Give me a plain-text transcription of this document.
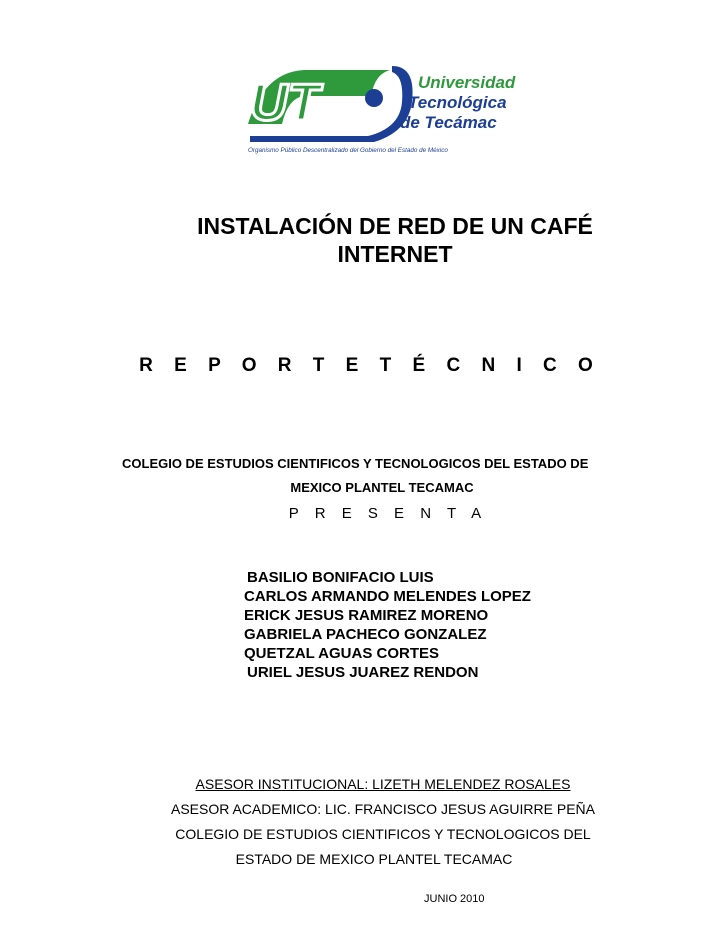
UT	Universidad
Tecnológica
de Tecámac
Organismo Público Descentralizado del Gobierno del Estado de México
INSTALACIÓN DE RED DE UN CAFÉ
INTERNET
R E P O R T E T É C N I C O
COLEGIO DE ESTUDIOS CIENTIFICOS Y TECNOLOGICOS DEL ESTADO DE
MEXICO PLANTEL TECAMAC
P R E S E N T A
BASILIO BONIFACIO LUIS
CARLOS ARMANDO MELENDES LOPEZ
ERICK JESUS RAMIREZ MORENO
GABRIELA PACHECO GONZALEZ
QUETZAL AGUAS CORTES
URIEL JESUS JUAREZ RENDON
ASESOR INSTITUCIONAL: LIZETH MELENDEZ ROSALES
ASESOR ACADEMICO: LIC. FRANCISCO JESUS AGUIRRE PEÑA
COLEGIO DE ESTUDIOS CIENTIFICOS Y TECNOLOGICOS DEL
ESTADO DE MEXICO PLANTEL TECAMAC
JUNIO 2010
